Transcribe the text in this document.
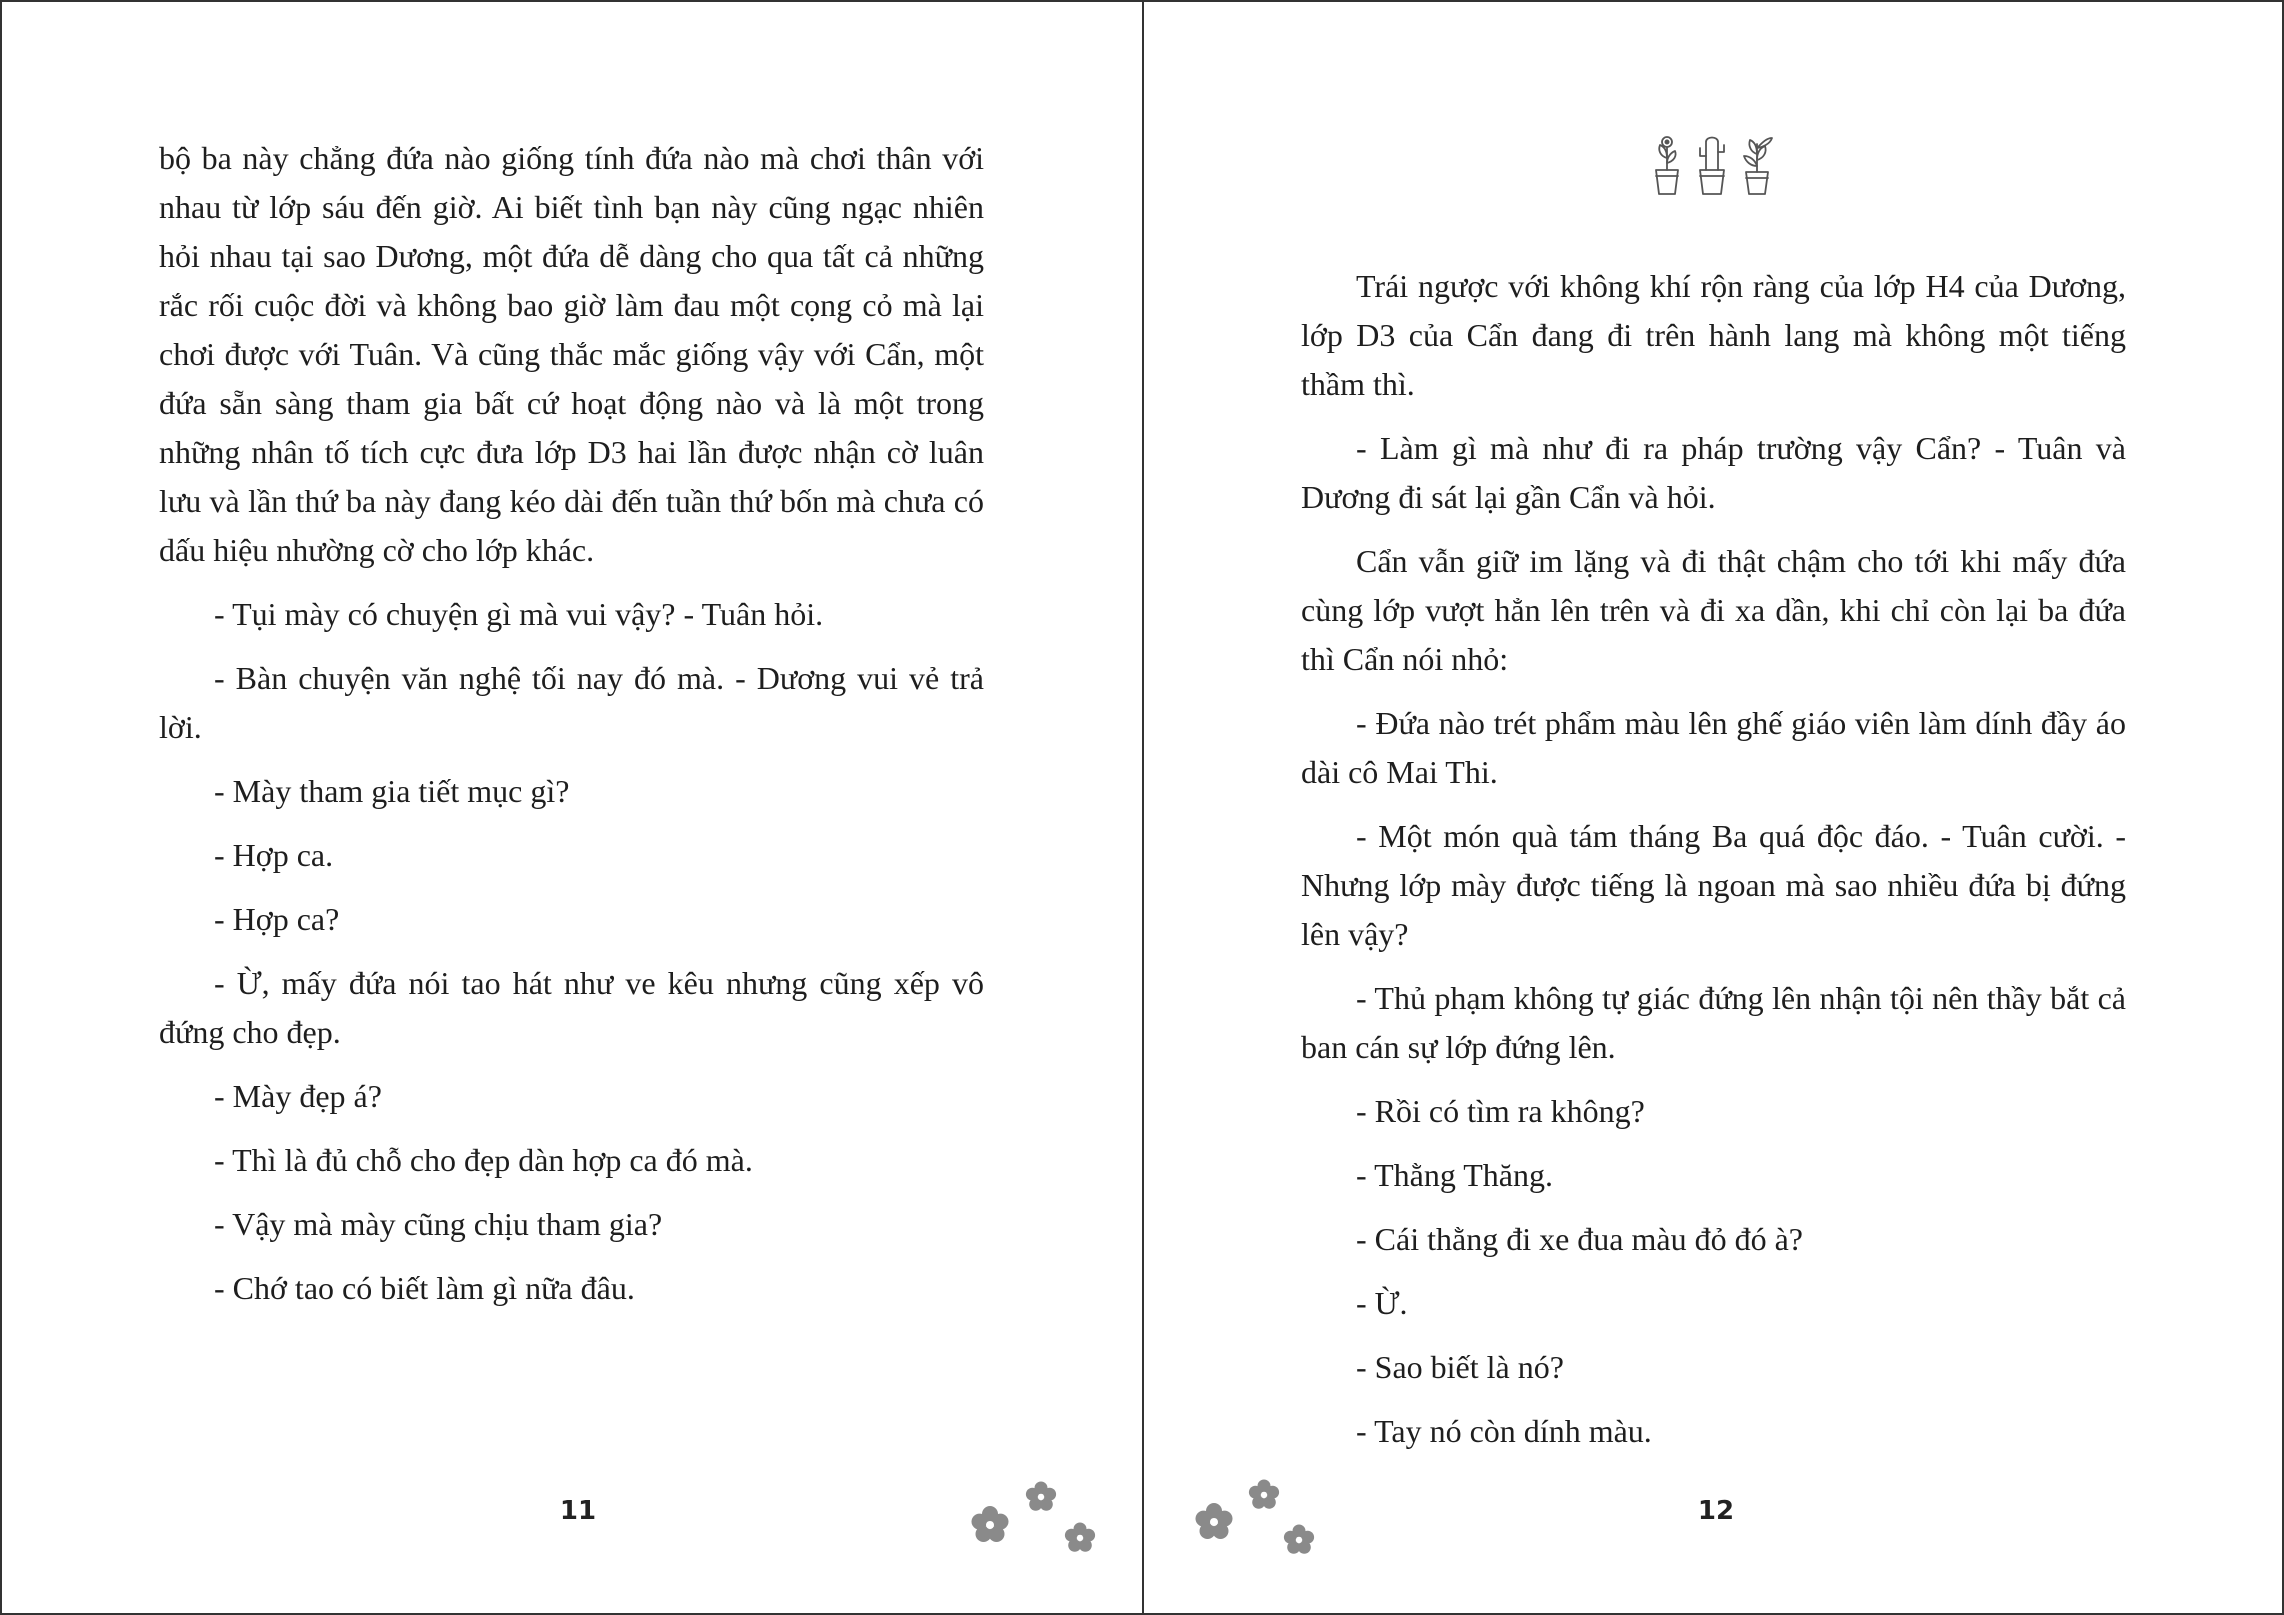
bộ ba này chẳng đứa nào giống tính đứa nào mà chơi thân với nhau từ lớp sáu đến giờ. Ai biết tình bạn này cũng ngạc nhiên hỏi nhau tại sao Dương, một đứa dễ dàng cho qua tất cả những rắc rối cuộc đời và không bao giờ làm đau một cọng cỏ mà lại chơi được với Tuân. Và cũng thắc mắc giống vậy với Cẩn, một đứa sẵn sàng tham gia bất cứ hoạt động nào và là một trong những nhân tố tích cực đưa lớp D3 hai lần được nhận cờ luân lưu và lần thứ ba này đang kéo dài đến tuần thứ bốn mà chưa có dấu hiệu nhường cờ cho lớp khác.

- Tụi mày có chuyện gì mà vui vậy? - Tuân hỏi.

- Bàn chuyện văn nghệ tối nay đó mà. - Dương vui vẻ trả lời.

- Mày tham gia tiết mục gì?

- Hợp ca.

- Hợp ca?

- Ừ, mấy đứa nói tao hát như ve kêu nhưng cũng xếp vô đứng cho đẹp.

- Mày đẹp á?

- Thì là đủ chỗ cho đẹp dàn hợp ca đó mà.

- Vậy mà mày cũng chịu tham gia?

- Chớ tao có biết làm gì nữa đâu.

11

Trái ngược với không khí rộn ràng của lớp H4 của Dương, lớp D3 của Cẩn đang đi trên hành lang mà không một tiếng thầm thì.

- Làm gì mà như đi ra pháp trường vậy Cẩn? - Tuân và Dương đi sát lại gần Cẩn và hỏi.

Cẩn vẫn giữ im lặng và đi thật chậm cho tới khi mấy đứa cùng lớp vượt hẳn lên trên và đi xa dần, khi chỉ còn lại ba đứa thì Cẩn nói nhỏ:

- Đứa nào trét phẩm màu lên ghế giáo viên làm dính đầy áo dài cô Mai Thi.

- Một món quà tám tháng Ba quá độc đáo. - Tuân cười. - Nhưng lớp mày được tiếng là ngoan mà sao nhiều đứa bị đứng lên vậy?

- Thủ phạm không tự giác đứng lên nhận tội nên thầy bắt cả ban cán sự lớp đứng lên.

- Rồi có tìm ra không?

- Thằng Thăng.

- Cái thằng đi xe đua màu đỏ đó à?

- Ừ.

- Sao biết là nó?

- Tay nó còn dính màu.

12
